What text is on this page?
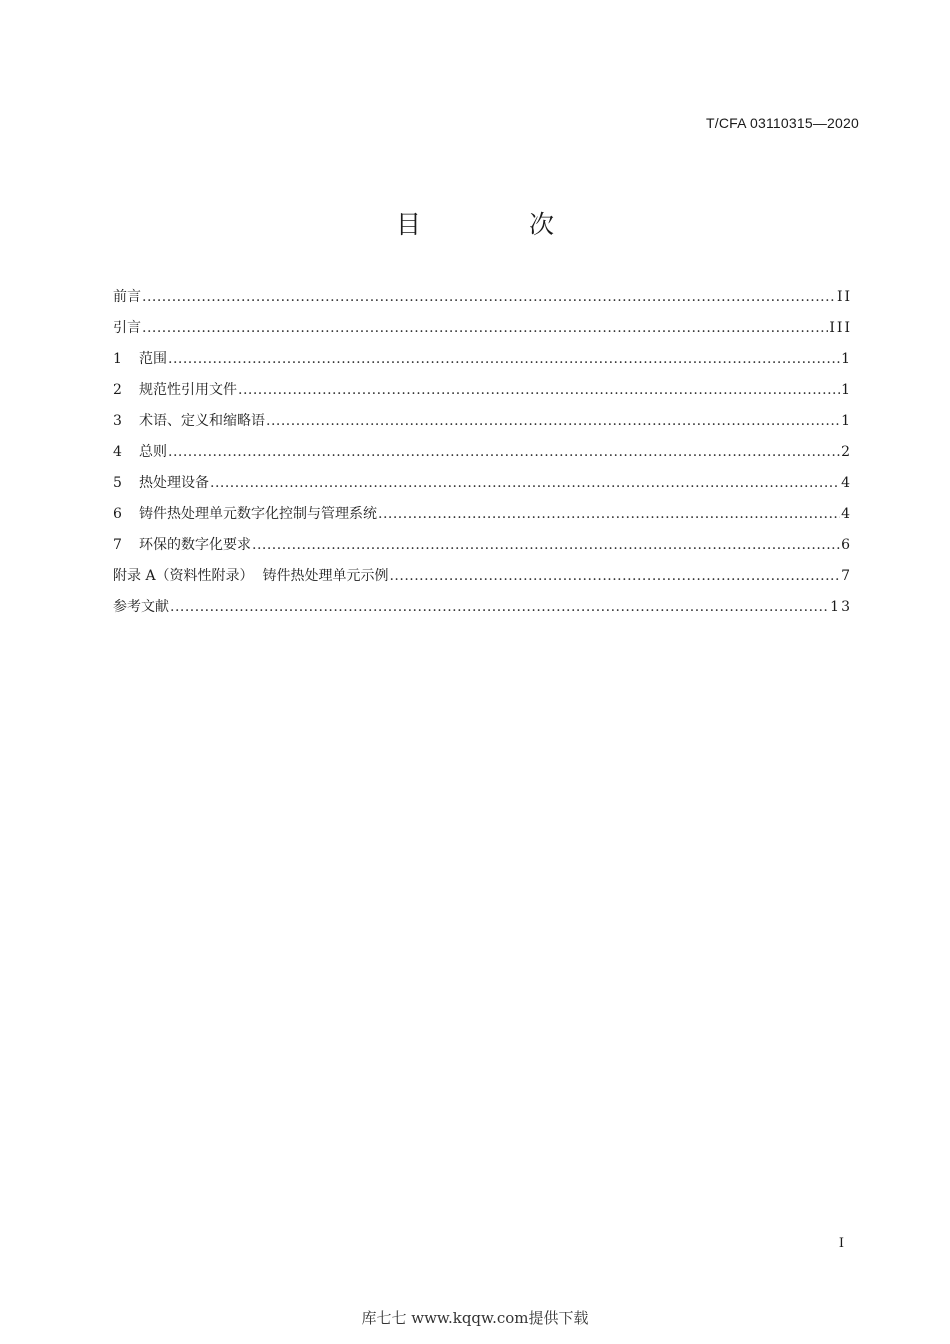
T/CFA 03110315—2020
目 次
前言 .....	II
引言 .....	III
1	范围 .....	1
2	规范性引用文件 .....	1
3	术语、定义和缩略语 .....	1
4	总则 .....	2
5	热处理设备 .....	4
6	铸件热处理单元数字化控制与管理系统 .....	4
7	环保的数字化要求 .....	6
附录 A（资料性附录）  铸件热处理单元示例 .....	7
参考文献 .....	13
I
库七七 www.kqqw.com提供下载
